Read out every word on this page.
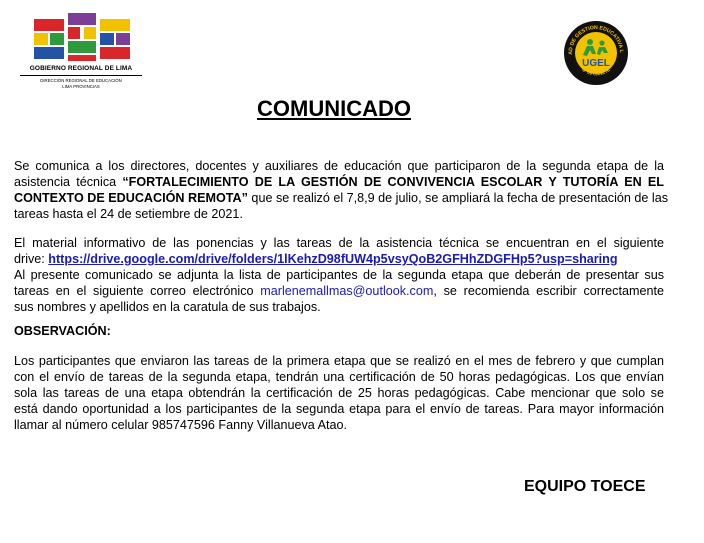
GOBIERNO REGIONAL DE LIMA
DIRECCIÓN REGIONAL DE EDUCACIÓN
LIMA PROVINCIAS
AD DE GESTION EDUCATIVA L
Nº 09 CAÑETE
UGEL
COMUNICADO

Se comunica a los directores, docentes y auxiliares de educación que participaron de la segunda etapa de la
asistencia técnica “FORTALECIMIENTO DE LA GESTIÓN DE CONVIVENCIA ESCOLAR Y TUTORÍA EN EL
CONTEXTO DE EDUCACIÓN REMOTA” que se realizó el 7,8,9 de julio, se ampliará la fecha de presentación de las
tareas hasta el 24 de setiembre de 2021.

El material informativo de las ponencias y las tareas de la asistencia técnica se encuentran en el siguiente
drive: https://drive.google.com/drive/folders/1lKehzD98fUW4p5vsyQoB2GFHhZDGFHp5?usp=sharing
Al presente comunicado se adjunta la lista de participantes de la segunda etapa que deberán de presentar sus
tareas en el siguiente correo electrónico marlenemallmas@outlook.com, se recomienda escribir correctamente
sus nombres y apellidos en la caratula de sus trabajos.

OBSERVACIÓN:

Los participantes que enviaron las tareas de la primera etapa que se realizó en el mes de febrero y que cumplan
con el envío de tareas de la segunda etapa, tendrán una certificación de 50 horas pedagógicas. Los que envían
sola las tareas de una etapa obtendrán la certificación de 25 horas pedagógicas. Cabe mencionar que solo se
está dando oportunidad a los participantes de la segunda etapa para el envío de tareas. Para mayor información
llamar al número celular 985747596 Fanny Villanueva Atao.

EQUIPO TOECE
